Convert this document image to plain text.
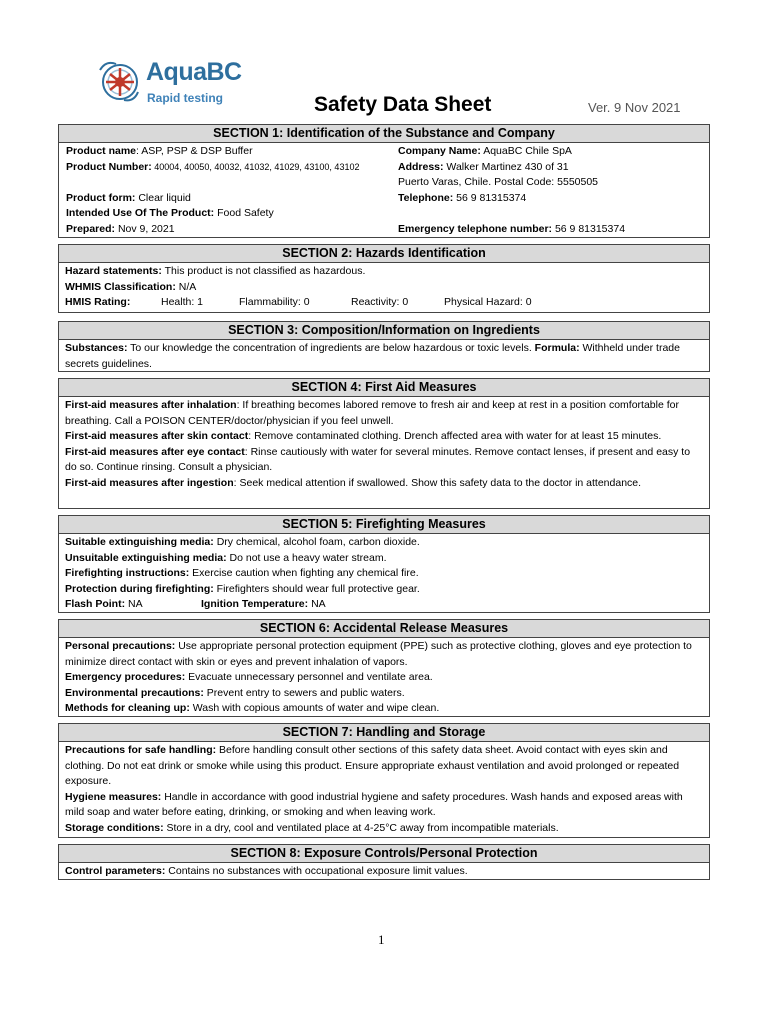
AquaBC
Rapid testing	Safety Data Sheet	Ver. 9 Nov 2021
SECTION 1: Identification of the Substance and Company
Product name: ASP, PSP & DSP Buffer	Company Name: AquaBC Chile SpA
Product Number: 40004, 40050, 40032, 41032, 41029, 43100, 43102	Address: Walker Martinez 430 of 31
Puerto Varas, Chile. Postal Code: 5550505
Product form: Clear liquid	Telephone: 56 9 81315374
Intended Use Of The Product: Food Safety
Prepared: Nov 9, 2021	Emergency telephone number: 56 9 81315374
SECTION 2: Hazards Identification

Hazard statements: This product is not classified as hazardous.

WHMIS Classification: N/A

HMIS Rating:	Health: 1	Flammability: 0	Reactivity: 0	Physical Hazard: 0

SECTION 3: Composition/Information on Ingredients

Substances: To our knowledge the concentration of ingredients are below hazardous or toxic levels. Formula: Withheld under trade secrets guidelines.

SECTION 4: First Aid Measures

First-aid measures after inhalation: If breathing becomes labored remove to fresh air and keep at rest in a position comfortable for breathing. Call a POISON CENTER/doctor/physician if you feel unwell.

First-aid measures after skin contact: Remove contaminated clothing. Drench affected area with water for at least 15 minutes.

First-aid measures after eye contact: Rinse cautiously with water for several minutes. Remove contact lenses, if present and easy to do so. Continue rinsing. Consult a physician.

First-aid measures after ingestion: Seek medical attention if swallowed. Show this safety data to the doctor in attendance.

SECTION 5: Firefighting Measures

Suitable extinguishing media: Dry chemical, alcohol foam, carbon dioxide.

Unsuitable extinguishing media: Do not use a heavy water stream.

Firefighting instructions: Exercise caution when fighting any chemical fire.

Protection during firefighting: Firefighters should wear full protective gear.

Flash Point: NA	Ignition Temperature: NA

SECTION 6: Accidental Release Measures

Personal precautions: Use appropriate personal protection equipment (PPE) such as protective clothing, gloves and eye protection to minimize direct contact with skin or eyes and prevent inhalation of vapors.

Emergency procedures: Evacuate unnecessary personnel and ventilate area.

Environmental precautions: Prevent entry to sewers and public waters.

Methods for cleaning up: Wash with copious amounts of water and wipe clean.

SECTION 7: Handling and Storage

Precautions for safe handling: Before handling consult other sections of this safety data sheet. Avoid contact with eyes skin and clothing. Do not eat drink or smoke while using this product. Ensure appropriate exhaust ventilation and avoid prolonged or repeated exposure.

Hygiene measures: Handle in accordance with good industrial hygiene and safety procedures. Wash hands and exposed areas with mild soap and water before eating, drinking, or smoking and when leaving work.

Storage conditions: Store in a dry, cool and ventilated place at 4-25°C away from incompatible materials.

SECTION 8: Exposure Controls/Personal Protection

Control parameters: Contains no substances with occupational exposure limit values.

1
